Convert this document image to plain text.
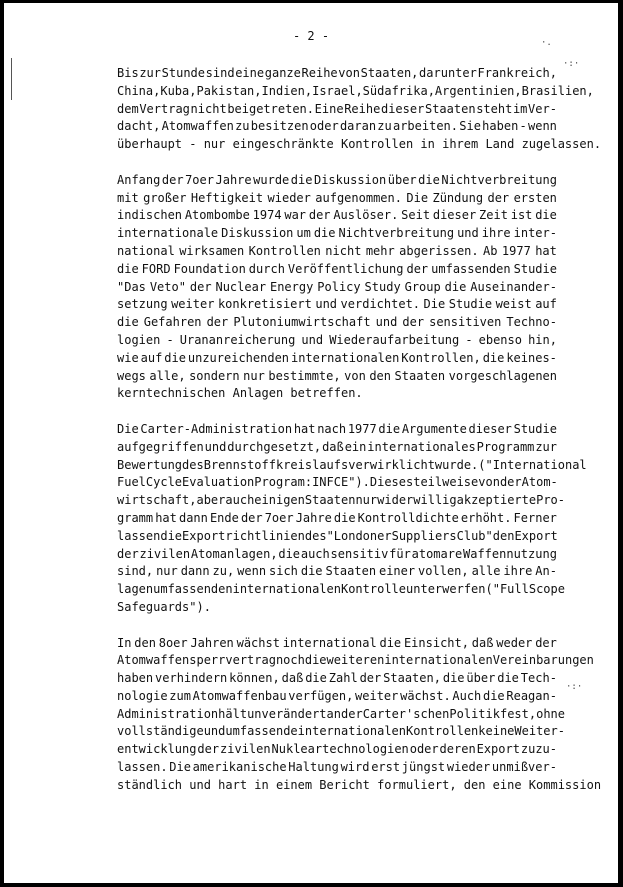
- 2 -	·.
·:·
·:·
Bis zur Stunde sind eine ganze Reihe von Staaten, darunter Frankreich,
China, Kuba, Pakistan, Indien, Israel, Südafrika, Argentinien, Brasilien,
dem Vertrag nicht beigetreten. Eine Reihe dieser Staaten steht im Ver-
dacht, Atomwaffen zu besitzen oder daran zu arbeiten. Sie haben - wenn
überhaupt - nur eingeschränkte Kontrollen in ihrem Land zugelassen.
Anfang der 7oer Jahre wurde die Diskussion über die Nichtverbreitung
mit großer Heftigkeit wieder aufgenommen. Die Zündung der ersten
indischen Atombombe 1974 war der Auslöser. Seit dieser Zeit ist die
internationale Diskussion um die Nichtverbreitung und ihre inter-
national wirksamen Kontrollen nicht mehr abgerissen. Ab 1977 hat
die FORD Foundation durch Veröffentlichung der umfassenden Studie
"Das Veto" der Nuclear Energy Policy Study Group die Auseinander-
setzung weiter konkretisiert und verdichtet. Die Studie weist auf
die Gefahren der Plutoniumwirtschaft und der sensitiven Techno-
logien - Urananreicherung und Wiederaufarbeitung - ebenso hin,
wie auf die unzureichenden internationalen Kontrollen, die keines-
wegs alle, sondern nur bestimmte, von den Staaten vorgeschlagenen
kerntechnischen Anlagen betreffen.
Die Carter-Administration hat nach 1977 die Argumente dieser Studie
aufgegriffen und durchgesetzt, daß ein internationales Programm zur
Bewertung des Brennstoffkreislaufs verwirklicht wurde. ("International
Fuel Cycle Evaluation Program: INFCE"). Dieses teilweise von der Atom-
wirtschaft, aber auch einigen Staaten nur widerwillig akzeptierte Pro-
gramm hat dann Ende der 7oer Jahre die Kontrolldichte erhöht. Ferner
lassen die Exportrichtlinien des "Londoner Suppliers Club" den Export
der zivilen Atomanlagen, die auch sensitiv für atomare Waffennutzung
sind, nur dann zu, wenn sich die Staaten einer vollen, alle ihre An-
lagen umfassenden internationalen Kontrolle unterwerfen ("Full Scope
Safeguards").
In den 8oer Jahren wächst international die Einsicht, daß weder der
Atomwaffensperrvertrag noch die weiteren internationalen Vereinbarungen
haben verhindern können, daß die Zahl der Staaten, die über die Tech-
nologie zum Atomwaffenbau verfügen, weiter wächst. Auch die Reagan-
Administration hält unverändert an der Carter'schen Politik fest, ohne
vollständige und umfassende internationalen Kontrollen keine Weiter-
entwicklung der zivilen Nukleartechnologien oder deren Export zuzu-
lassen. Die amerikanische Haltung wird erst jüngst wieder unmißver-
ständlich und hart in einem Bericht formuliert, den eine Kommission
